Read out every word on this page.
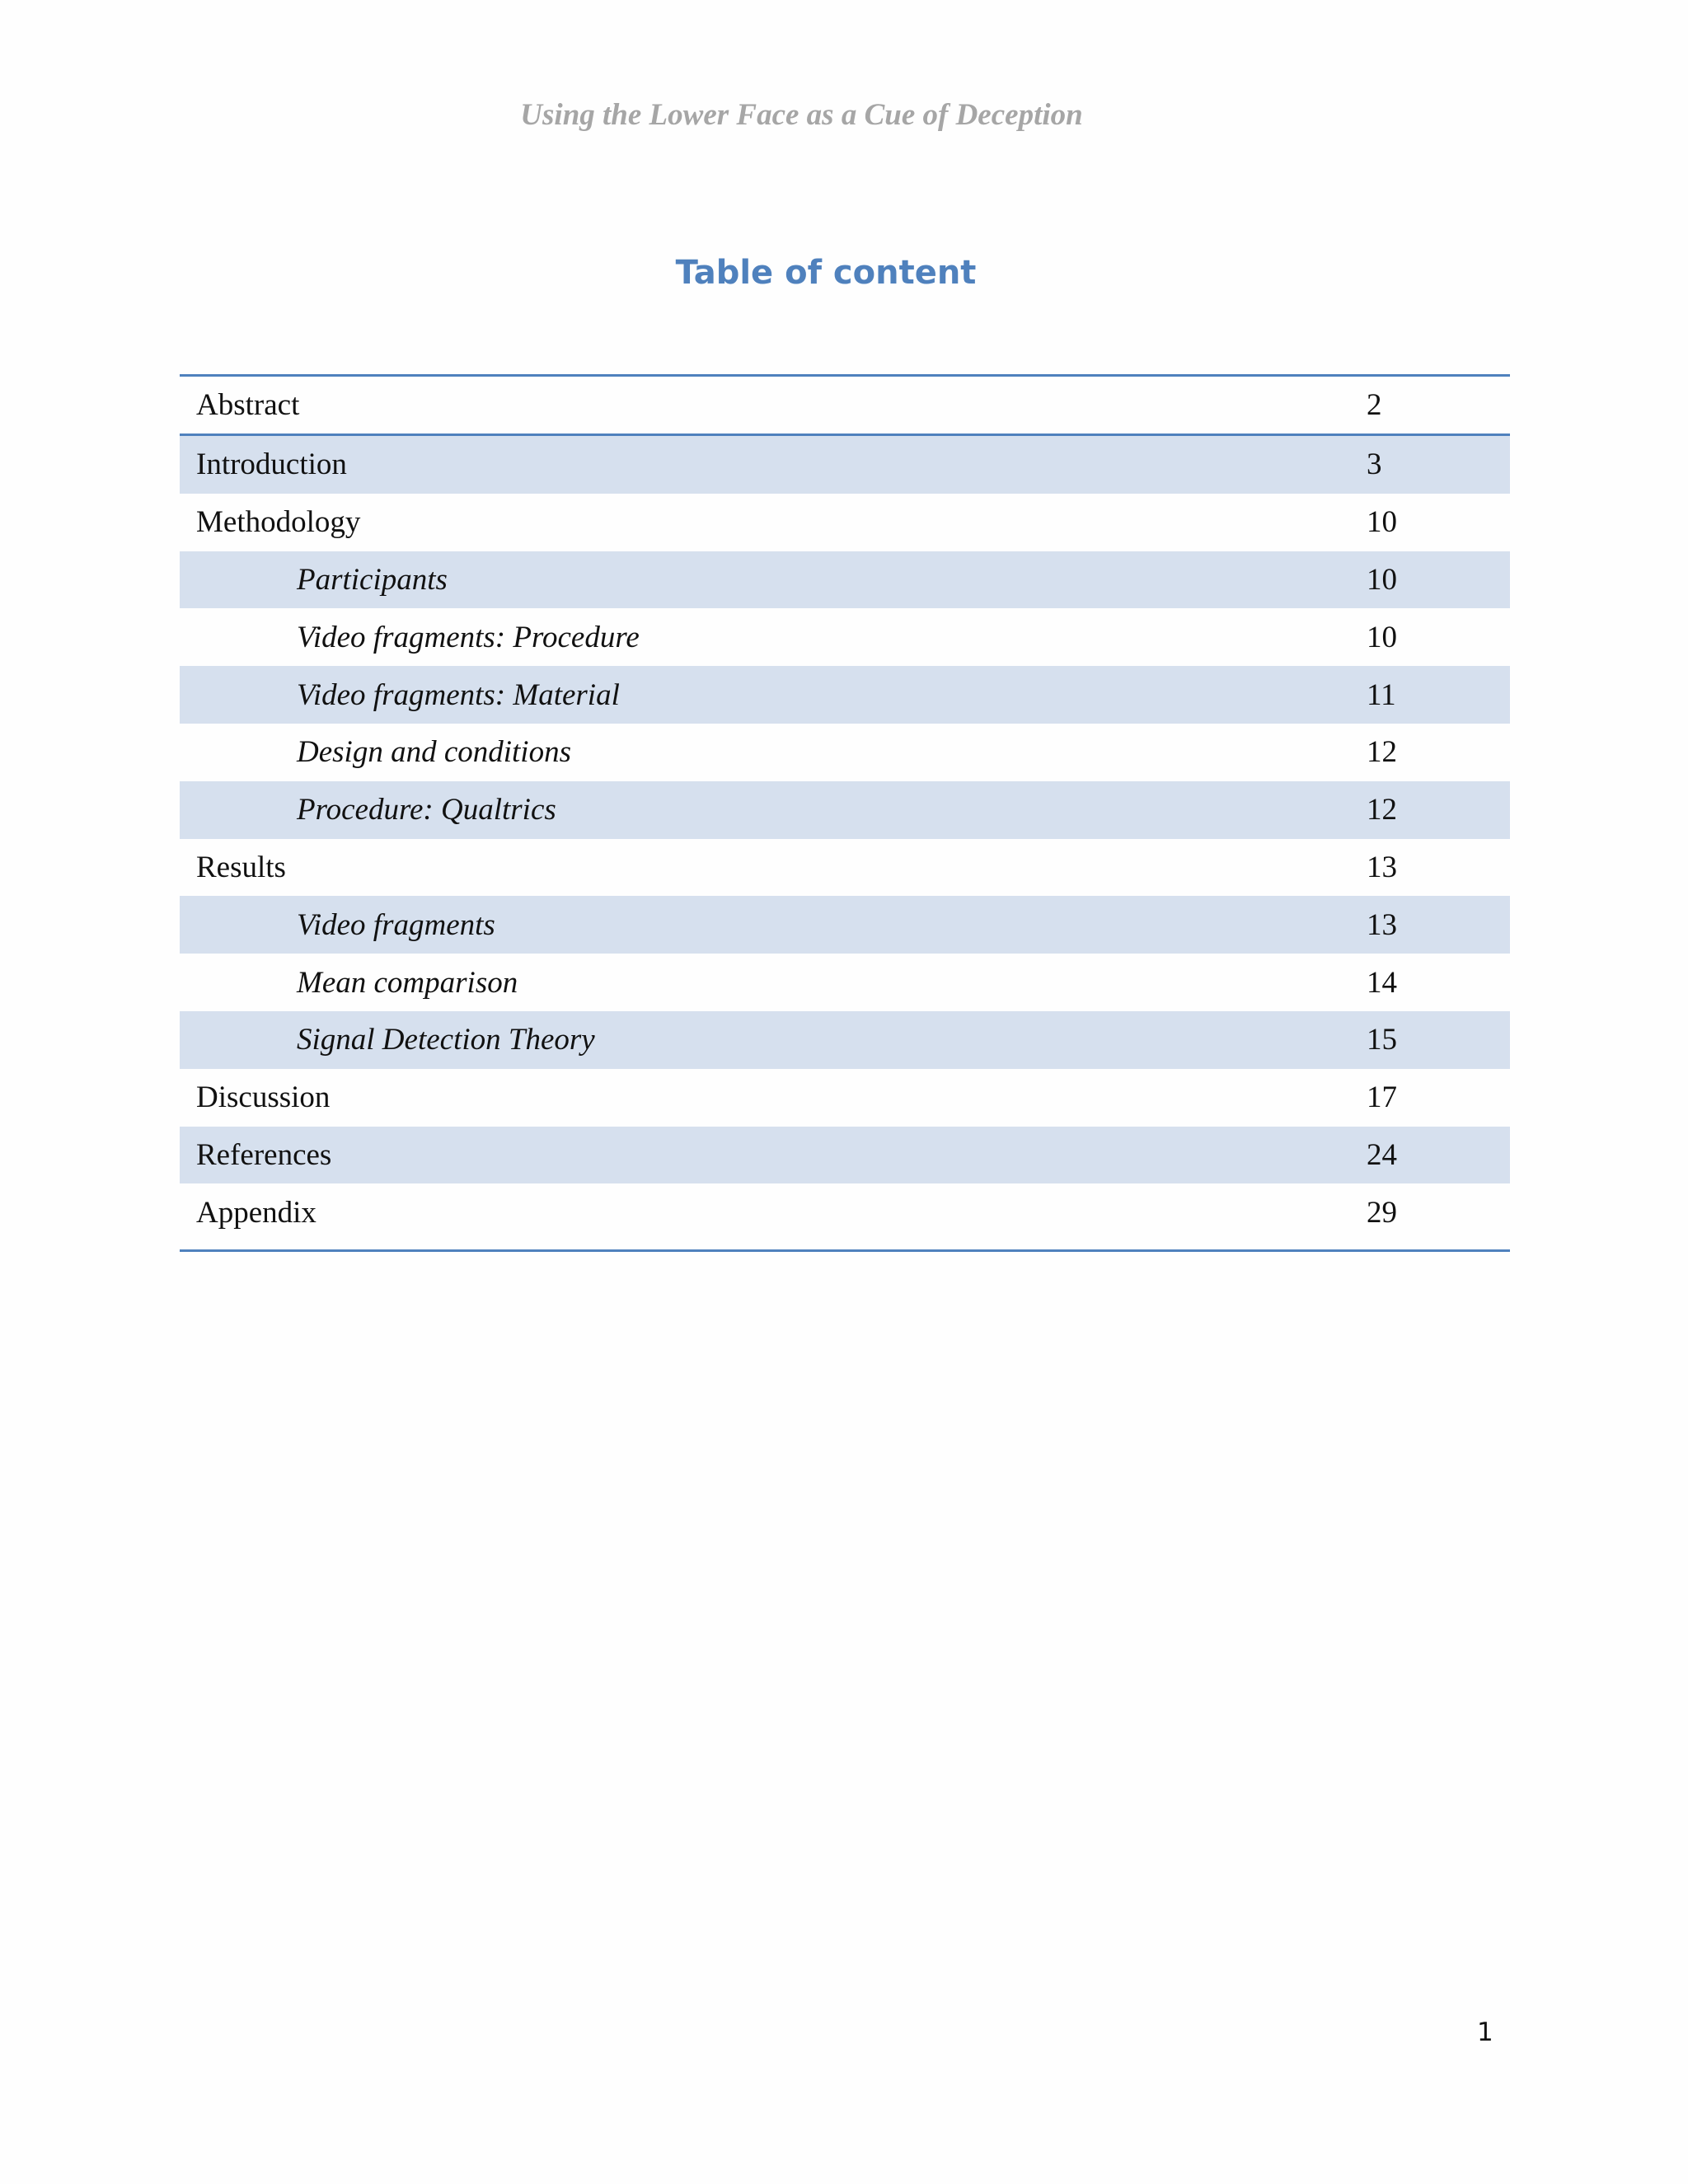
Using the Lower Face as a Cue of Deception
Table of content
Abstract	2
Introduction	3
Methodology	10
Participants	10
Video fragments: Procedure	10
Video fragments: Material	11
Design and conditions	12
Procedure: Qualtrics	12
Results	13
Video fragments	13
Mean comparison	14
Signal Detection Theory	15
Discussion	17
References	24
Appendix	29
1
